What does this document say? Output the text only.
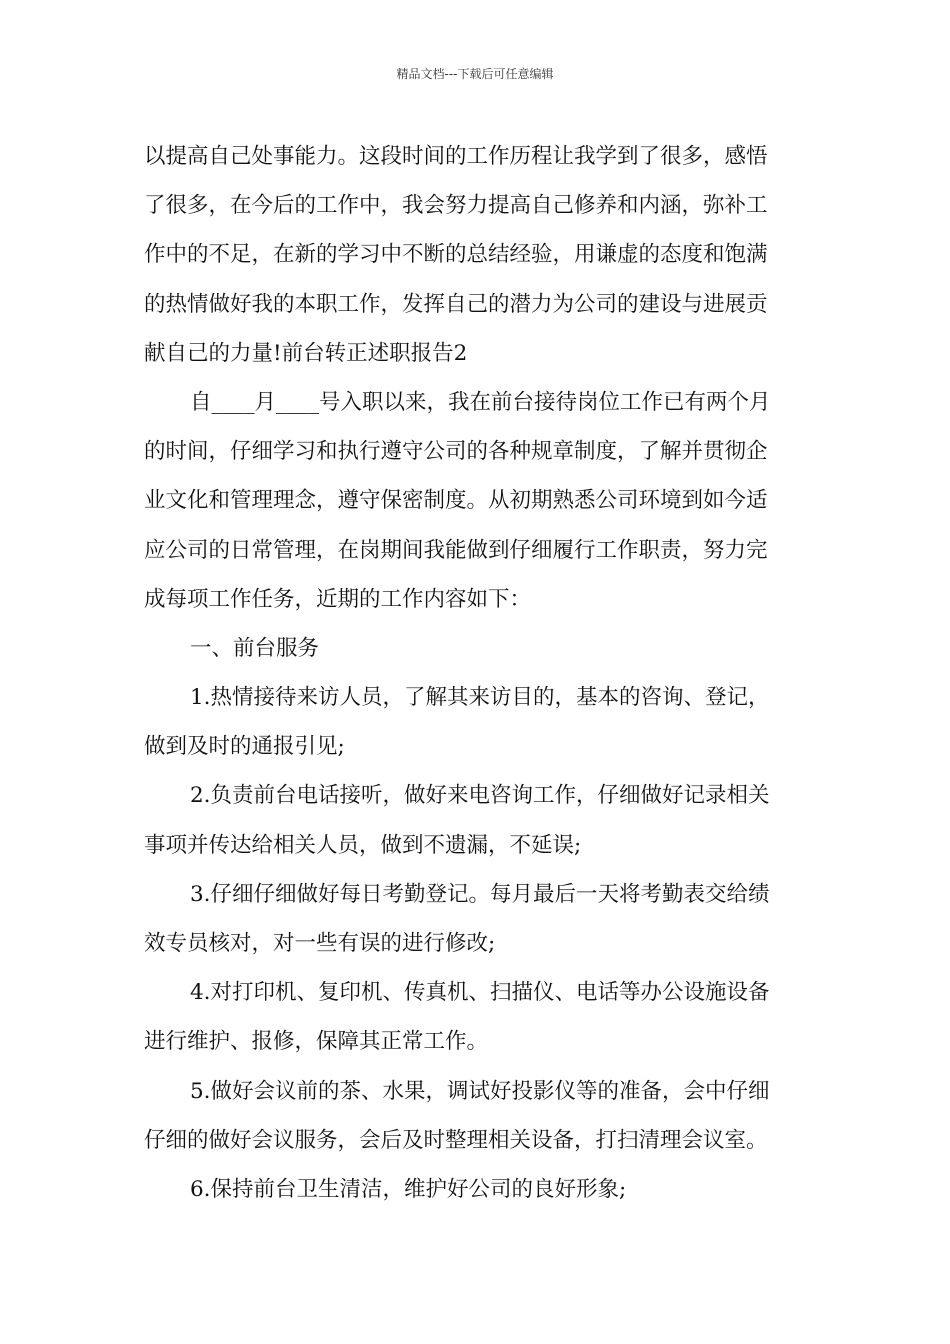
精品文档---下载后可任意编辑
以提高自己处事能力。这段时间的工作历程让我学到了很多，感悟
了很多，在今后的工作中，我会努力提高自己修养和内涵，弥补工
作中的不足，在新的学习中不断的总结经验，用谦虚的态度和饱满
的热情做好我的本职工作，发挥自己的潜力为公司的建设与进展贡
献自己的力量!前台转正述职报告2
自____月____号入职以来，我在前台接待岗位工作已有两个月
的时间，仔细学习和执行遵守公司的各种规章制度，了解并贯彻企
业文化和管理理念，遵守保密制度。从初期熟悉公司环境到如今适
应公司的日常管理，在岗期间我能做到仔细履行工作职责，努力完
成每项工作任务，近期的工作内容如下：
一、前台服务
1.热情接待来访人员，了解其来访目的，基本的咨询、登记，
做到及时的通报引见;
2.负责前台电话接听，做好来电咨询工作，仔细做好记录相关
事项并传达给相关人员，做到不遗漏，不延误;
3.仔细仔细做好每日考勤登记。每月最后一天将考勤表交给绩
效专员核对，对一些有误的进行修改;
4.对打印机、复印机、传真机、扫描仪、电话等办公设施设备
进行维护、报修，保障其正常工作。
5.做好会议前的茶、水果，调试好投影仪等的准备，会中仔细
仔细的做好会议服务，会后及时整理相关设备，打扫清理会议室。
6.保持前台卫生清洁，维护好公司的良好形象;
